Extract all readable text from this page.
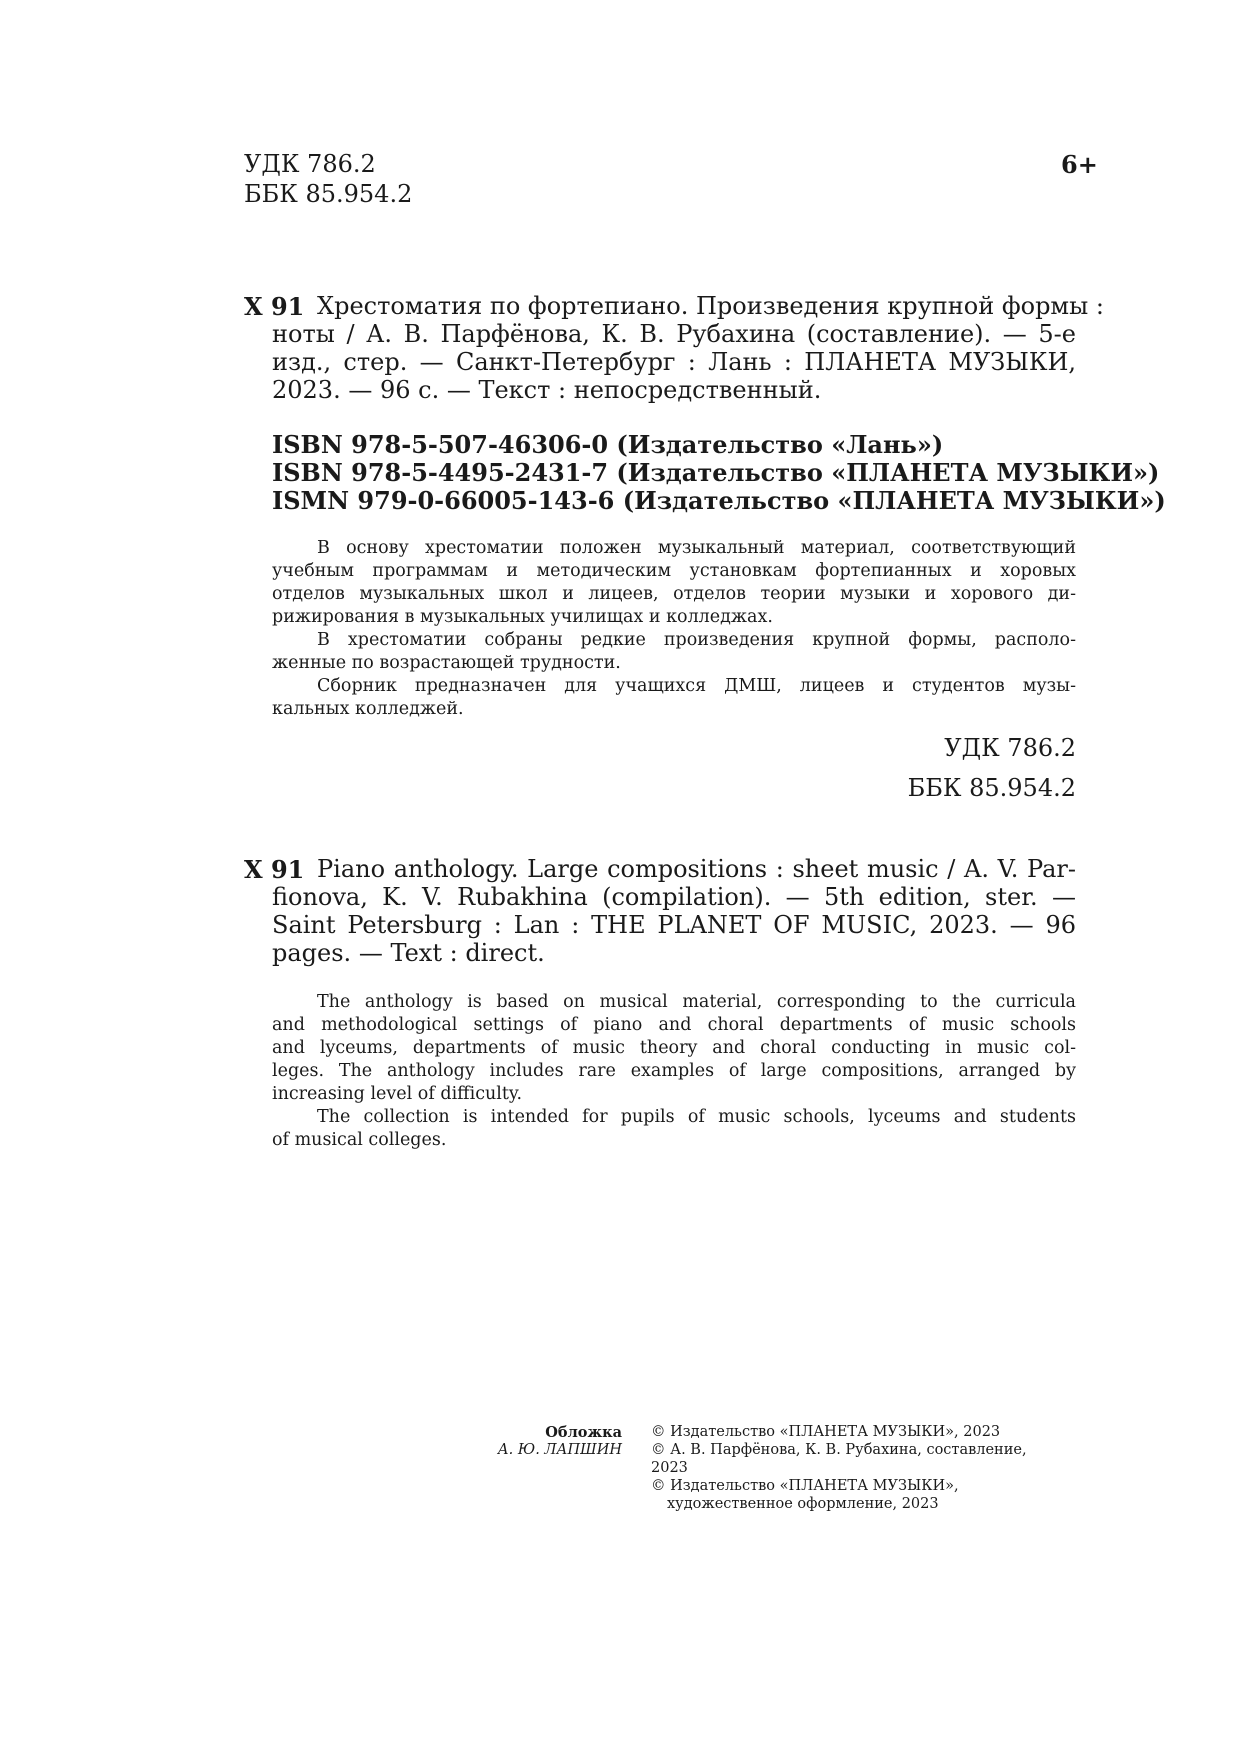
УДК 786.2
ББК 85.954.2
6+
Х 91 Хрестоматия по фортепиано. Произведения крупной формы :
ноты / А. В. Парфёнова, К. В. Рубахина (составление). — 5-е
изд., стер. — Санкт-Петербург : Лань : ПЛАНЕТА МУЗЫКИ,
2023. — 96 с. — Текст : непосредственный.
ISBN 978-5-507-46306-0 (Издательство «Лань»)
ISBN 978-5-4495-2431-7 (Издательство «ПЛАНЕТА МУЗЫКИ»)
ISMN 979-0-66005-143-6 (Издательство «ПЛАНЕТА МУЗЫКИ»)
В основу хрестоматии положен музыкальный материал, соответствующий
учебным программам и методическим установкам фортепианных и хоровых
отделов музыкальных школ и лицеев, отделов теории музыки и хорового ди-
рижирования в музыкальных училищах и колледжах.
В хрестоматии собраны редкие произведения крупной формы, располо-
женные по возрастающей трудности.
Сборник предназначен для учащихся ДМШ, лицеев и студентов музы-
кальных колледжей.
УДК 786.2
ББК 85.954.2
X 91 Piano anthology. Large compositions : sheet music / A. V. Par-
fionova, K. V. Rubakhina (compilation). — 5th edition, ster. —
Saint Petersburg : Lan : THE PLANET OF MUSIC, 2023. — 96
pages. — Text : direct.
The anthology is based on musical material, corresponding to the curricula
and methodological settings of piano and choral departments of music schools
and lyceums, departments of music theory and choral conducting in music col-
leges. The anthology includes rare examples of large compositions, arranged by
increasing level of difficulty.
The collection is intended for pupils of music schools, lyceums and students
of musical colleges.
Обложка
А. Ю. ЛАПШИН
© Издательство «ПЛАНЕТА МУЗЫКИ», 2023
© А. В. Парфёнова, К. В. Рубахина, составление,
2023
© Издательство «ПЛАНЕТА МУЗЫКИ»,
художественное оформление, 2023
